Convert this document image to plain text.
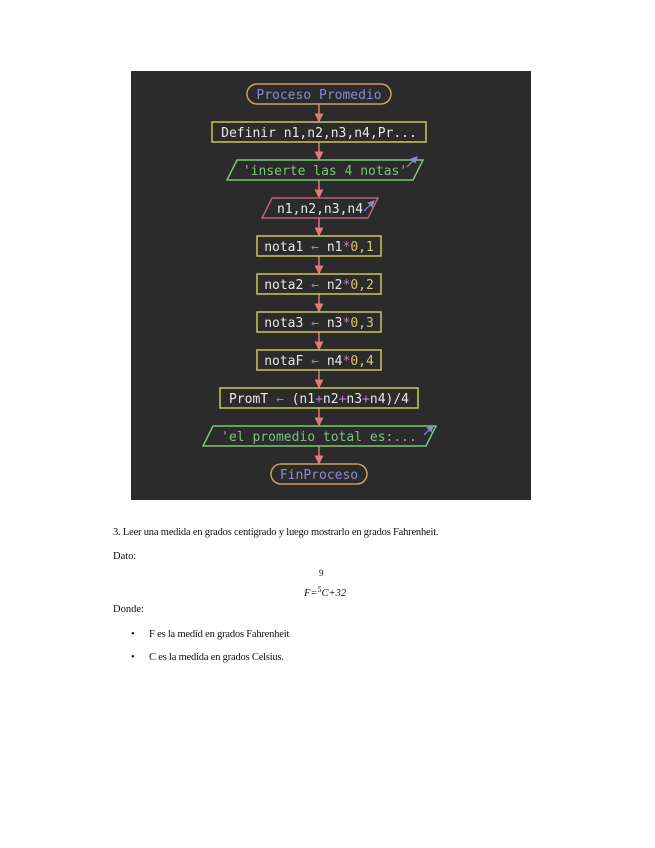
Proceso Promedio
Definir n1,n2,n3,n4,Pr...
'inserte las 4 notas'
n1,n2,n3,n4
nota1 ← n1*0,1
nota2 ← n2*0,2
nota3 ← n3*0,3
notaF ← n4*0,4
PromT ← (n1+n2+n3+n4)/4
'el promedio total es:...
FinProceso
3. Leer una medida en grados centígrado y luego mostrarlo en grados Fahrenheit.
Dato:
9
F=$^5$C+32
Donde:
• F es la medid en grados Fahrenheit
• C es la medida en grados Celsius.
